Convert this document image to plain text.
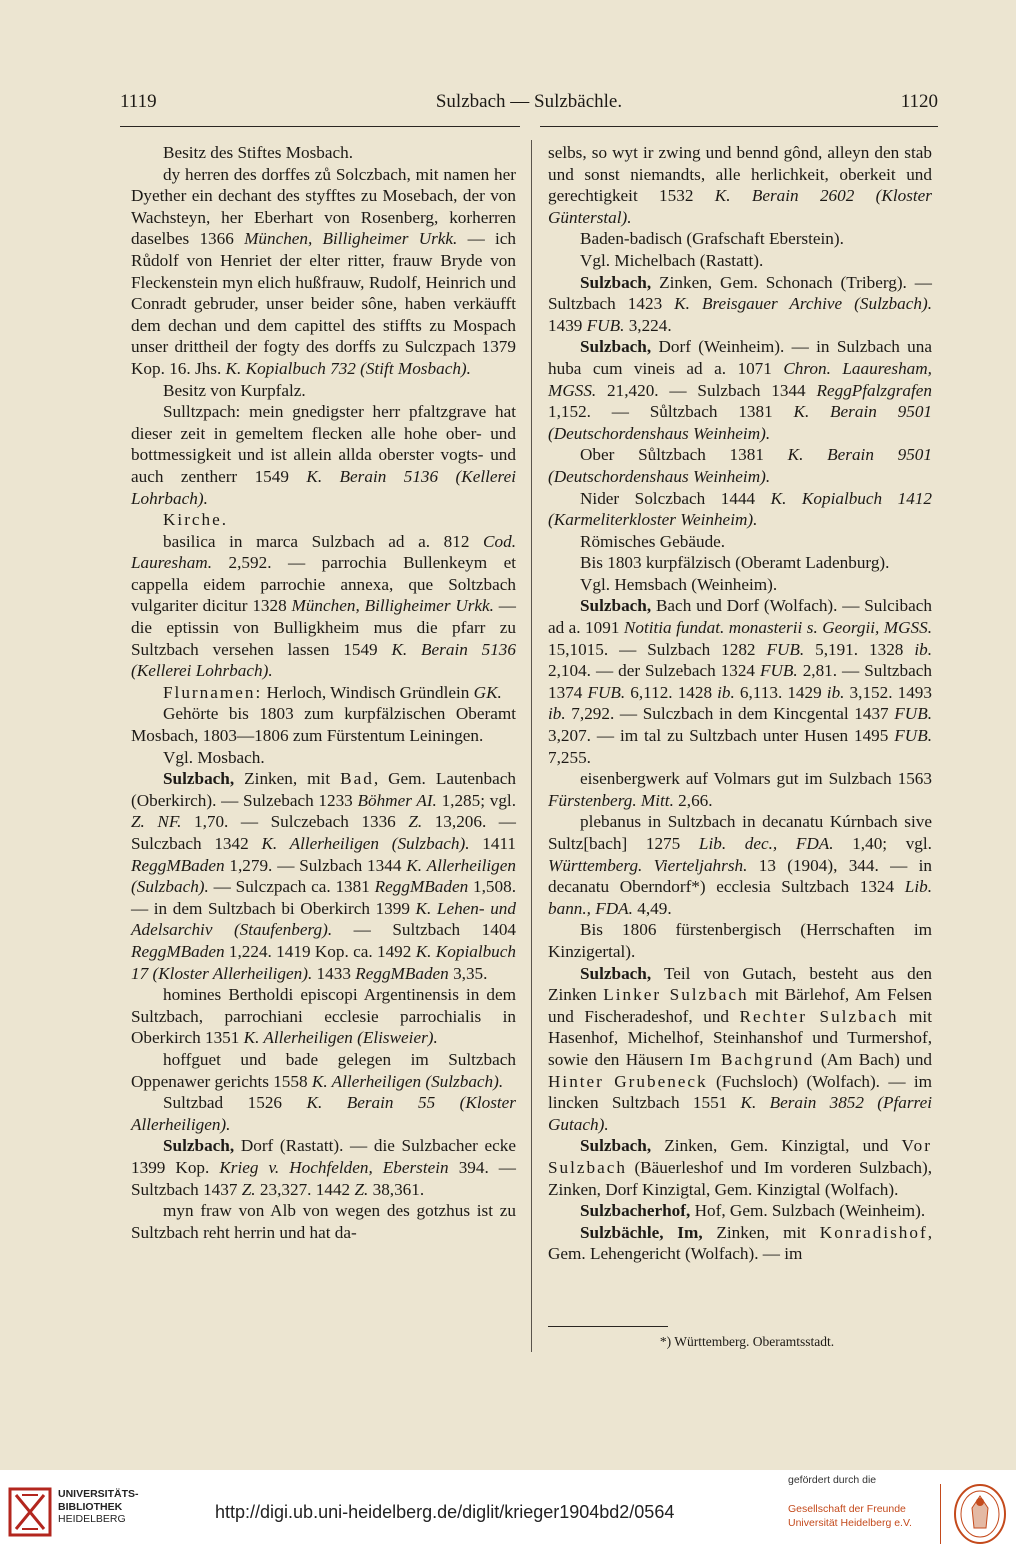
1119	Sulzbach — Sulzbächle.	1120

Besitz des Stiftes Mosbach.

dy herren des dorffes zů Solczbach, mit namen her Dyether ein dechant des styfftes zu Mosebach, der von Wachsteyn, her Eberhart von Rosenberg, korherren daselbes 1366 München, Billigheimer Urkk. — ich Růdolf von Henriet der elter ritter, frauw Bryde von Fleckenstein myn elich hußfrauw, Rudolf, Heinrich und Conradt gebruder, unser beider sône, haben verkäufft dem dechan und dem capittel des stiffts zu Mospach unser drittheil der fogty des dorffs zu Sulczpach 1379 Kop. 16. Jhs. K. Kopialbuch 732 (Stift Mosbach).

Besitz von Kurpfalz.

Sulltzpach: mein gnedigster herr pfaltzgrave hat dieser zeit in gemeltem flecken alle hohe ober- und bottmessigkeit und ist allein allda oberster vogts- und auch zentherr 1549 K. Berain 5136 (Kellerei Lohrbach).

Kirche.

basilica in marca Sulzbach ad a. 812 Cod. Lauresham. 2,592. — parrochia Bullenkeym et cappella eidem parrochie annexa, que Soltzbach vulgariter dicitur 1328 München, Billigheimer Urkk. — die eptissin von Bulligkheim mus die pfarr zu Sultzbach versehen lassen 1549 K. Berain 5136 (Kellerei Lohrbach).

Flurnamen: Herloch, Windisch Gründlein GK.

Gehörte bis 1803 zum kurpfälzischen Oberamt Mosbach, 1803—1806 zum Fürstentum Leiningen.

Vgl. Mosbach.

Sulzbach, Zinken, mit Bad, Gem. Lautenbach (Oberkirch). — Sulzebach 1233 Böhmer AI. 1,285; vgl. Z. NF. 1,70. — Sulczebach 1336 Z. 13,206. — Sulczbach 1342 K. Allerheiligen (Sulzbach). 1411 ReggMBaden 1,279. — Sulzbach 1344 K. Allerheiligen (Sulzbach). — Sulczpach ca. 1381 ReggMBaden 1,508. — in dem Sultzbach bi Oberkirch 1399 K. Lehen- und Adelsarchiv (Staufenberg). — Sultzbach 1404 ReggMBaden 1,224. 1419 Kop. ca. 1492 K. Kopialbuch 17 (Kloster Allerheiligen). 1433 ReggMBaden 3,35.

homines Bertholdi episcopi Argentinensis in dem Sultzbach, parrochiani ecclesie parrochialis in Oberkirch 1351 K. Allerheiligen (Elisweier).

hoffguet und bade gelegen im Sultzbach Oppenawer gerichts 1558 K. Allerheiligen (Sulzbach).

Sultzbad 1526 K. Berain 55 (Kloster Allerheiligen).

Sulzbach, Dorf (Rastatt). — die Sulzbacher ecke 1399 Kop. Krieg v. Hochfelden, Eberstein 394. — Sultzbach 1437 Z. 23,327. 1442 Z. 38,361.

myn fraw von Alb von wegen des gotzhus ist zu Sultzbach reht herrin und hat da-

selbs, so wyt ir zwing und bennd gônd, alleyn den stab und sonst niemandts, alle herlichkeit, oberkeit und gerechtigkeit 1532 K. Berain 2602 (Kloster Günterstal).

Baden-badisch (Grafschaft Eberstein).

Vgl. Michelbach (Rastatt).

Sulzbach, Zinken, Gem. Schonach (Triberg). — Sultzbach 1423 K. Breisgauer Archive (Sulzbach). 1439 FUB. 3,224.

Sulzbach, Dorf (Weinheim). — in Sulzbach una huba cum vineis ad a. 1071 Chron. Laauresham, MGSS. 21,420. — Sulzbach 1344 ReggPfalzgrafen 1,152. — Sůltzbach 1381 K. Berain 9501 (Deutschordenshaus Weinheim).

Ober Sůltzbach 1381 K. Berain 9501 (Deutschordenshaus Weinheim).

Nider Solczbach 1444 K. Kopialbuch 1412 (Karmeliterkloster Weinheim).

Römisches Gebäude.

Bis 1803 kurpfälzisch (Oberamt Ladenburg).

Vgl. Hemsbach (Weinheim).

Sulzbach, Bach und Dorf (Wolfach). — Sulcibach ad a. 1091 Notitia fundat. monasterii s. Georgii, MGSS. 15,1015. — Sulzbach 1282 FUB. 5,191. 1328 ib. 2,104. — der Sulzebach 1324 FUB. 2,81. — Sultzbach 1374 FUB. 6,112. 1428 ib. 6,113. 1429 ib. 3,152. 1493 ib. 7,292. — Sulczbach in dem Kincgental 1437 FUB. 3,207. — im tal zu Sultzbach unter Husen 1495 FUB. 7,255.

eisenbergwerk auf Volmars gut im Sulzbach 1563 Fürstenberg. Mitt. 2,66.

plebanus in Sultzbach in decanatu Kúrnbach sive Sultz[bach] 1275 Lib. dec., FDA. 1,40; vgl. Württemberg. Vierteljahrsh. 13 (1904), 344. — in decanatu Oberndorf*) ecclesia Sultzbach 1324 Lib. bann., FDA. 4,49.

Bis 1806 fürstenbergisch (Herrschaften im Kinzigertal).

Sulzbach, Teil von Gutach, besteht aus den Zinken Linker Sulzbach mit Bärlehof, Am Felsen und Fischeradeshof, und Rechter Sulzbach mit Hasenhof, Michelhof, Steinhanshof und Turmershof, sowie den Häusern Im Bachgrund (Am Bach) und Hinter Grubeneck (Fuchsloch) (Wolfach). — im lincken Sultzbach 1551 K. Berain 3852 (Pfarrei Gutach).

Sulzbach, Zinken, Gem. Kinzigtal, und Vor Sulzbach (Bäuerleshof und Im vorderen Sulzbach), Zinken, Dorf Kinzigtal, Gem. Kinzigtal (Wolfach).

Sulzbacherhof, Hof, Gem. Sulzbach (Weinheim).

Sulzbächle, Im, Zinken, mit Konradishof, Gem. Lehengericht (Wolfach). — im

*) Württemberg. Oberamtsstadt.
UNIVERSITÄTS-
BIBLIOTHEK
HEIDELBERG	http://digi.ub.uni-heidelberg.de/diglit/krieger1904bd2/0564
gefördert durch die
Gesellschaft der Freunde
Universität Heidelberg e.V.
